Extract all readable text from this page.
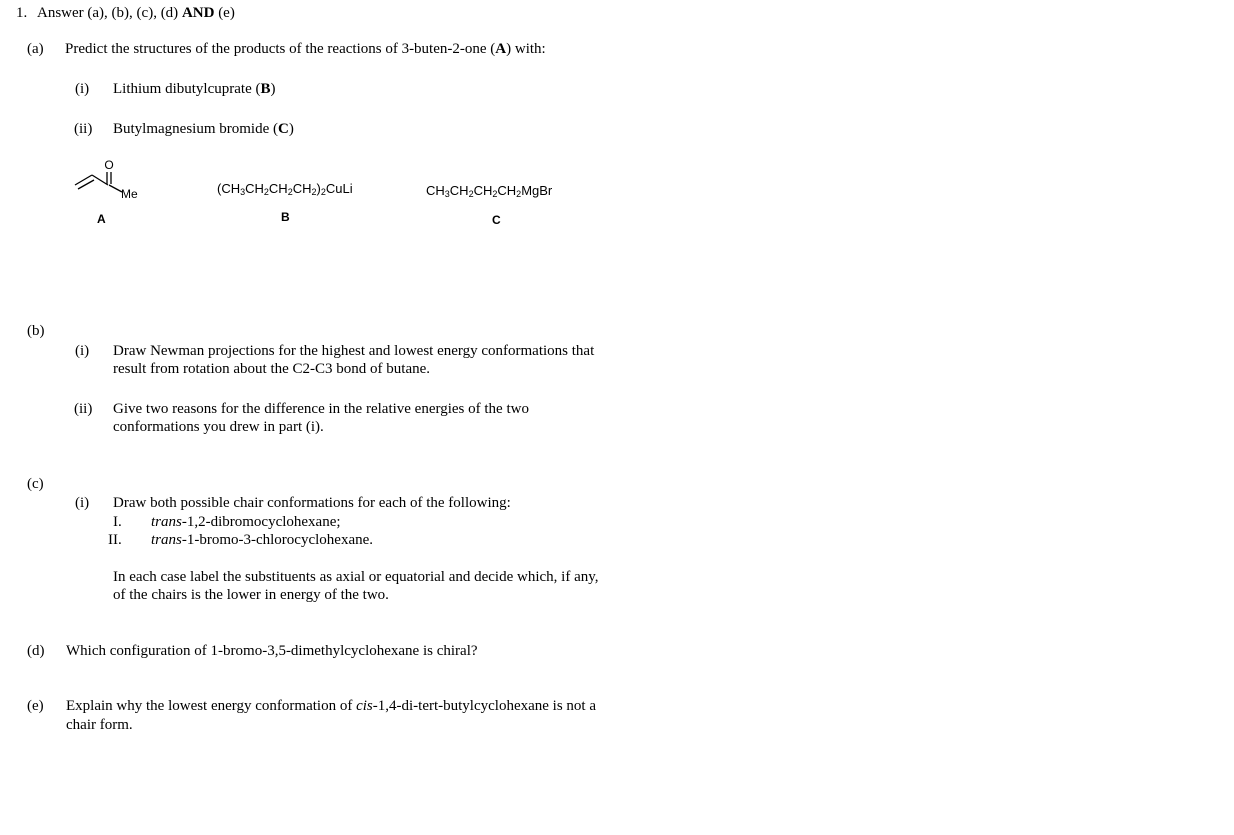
1. Answer (a), (b), (c), (d) AND (e)
(a) Predict the structures of the products of the reactions of 3-buten-2-one (A) with:
(i) Lithium dibutylcuprate (B)
(ii) Butylmagnesium bromide (C)
O
Me
A
$(CH_3CH_2CH_2CH_2)_2CuLi$
B
$CH_3CH_2CH_2CH_2MgBr$
C
(b)
(i) Draw Newman projections for the highest and lowest energy conformations that
result from rotation about the C2-C3 bond of butane.
(ii) Give two reasons for the difference in the relative energies of the two
conformations you drew in part (i).
(c)
(i) Draw both possible chair conformations for each of the following:
I. trans-1,2-dibromocyclohexane;
II. trans-1-bromo-3-chlorocyclohexane.
In each case label the substituents as axial or equatorial and decide which, if any,
of the chairs is the lower in energy of the two.
(d) Which configuration of 1-bromo-3,5-dimethylcyclohexane is chiral?
(e) Explain why the lowest energy conformation of cis-1,4-di-tert-butylcyclohexane is not a
chair form.
